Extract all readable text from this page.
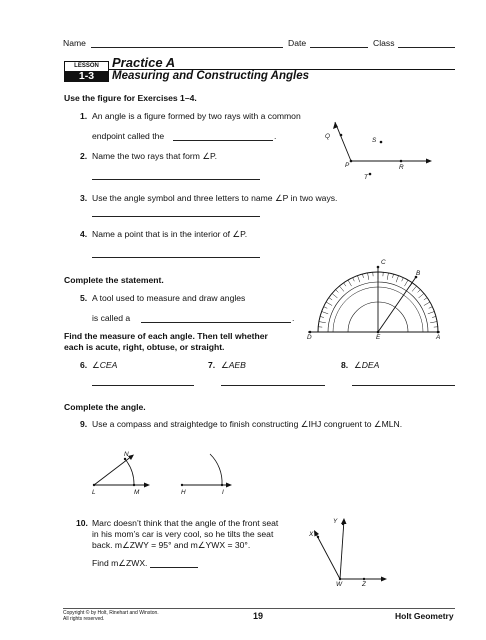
Name	Date	Class
LESSON
1-3
Practice A
Measuring and Constructing Angles
Use the figure for Exercises 1–4.
1. An angle is a figure formed by two rays with a common
endpoint called the	.
2. Name the two rays that form ∠P.
3. Use the angle symbol and three letters to name ∠P in two ways.
4. Name a point that is in the interior of ∠P.
Q
S
P	R
T
Complete the statement.
5. A tool used to measure and draw angles
is called a	.
C
B
D	E	A
Find the measure of each angle. Then tell whether
each is acute, right, obtuse, or straight.
6. ∠CEA	7. ∠AEB	8. ∠DEA
Complete the angle.
9. Use a compass and straightedge to finish constructing ∠IHJ congruent to ∠MLN.
N
L	M	H	I
10. Marc doesn’t think that the angle of the front seat
in his mom’s car is very cool, so he tilts the seat
back. m∠ZWY = 95° and m∠YWX = 30°.
Find m∠ZWX.
Y
X
W	Z
Copyright © by Holt, Rinehart and Winston.
All rights reserved.	19	Holt Geometry
